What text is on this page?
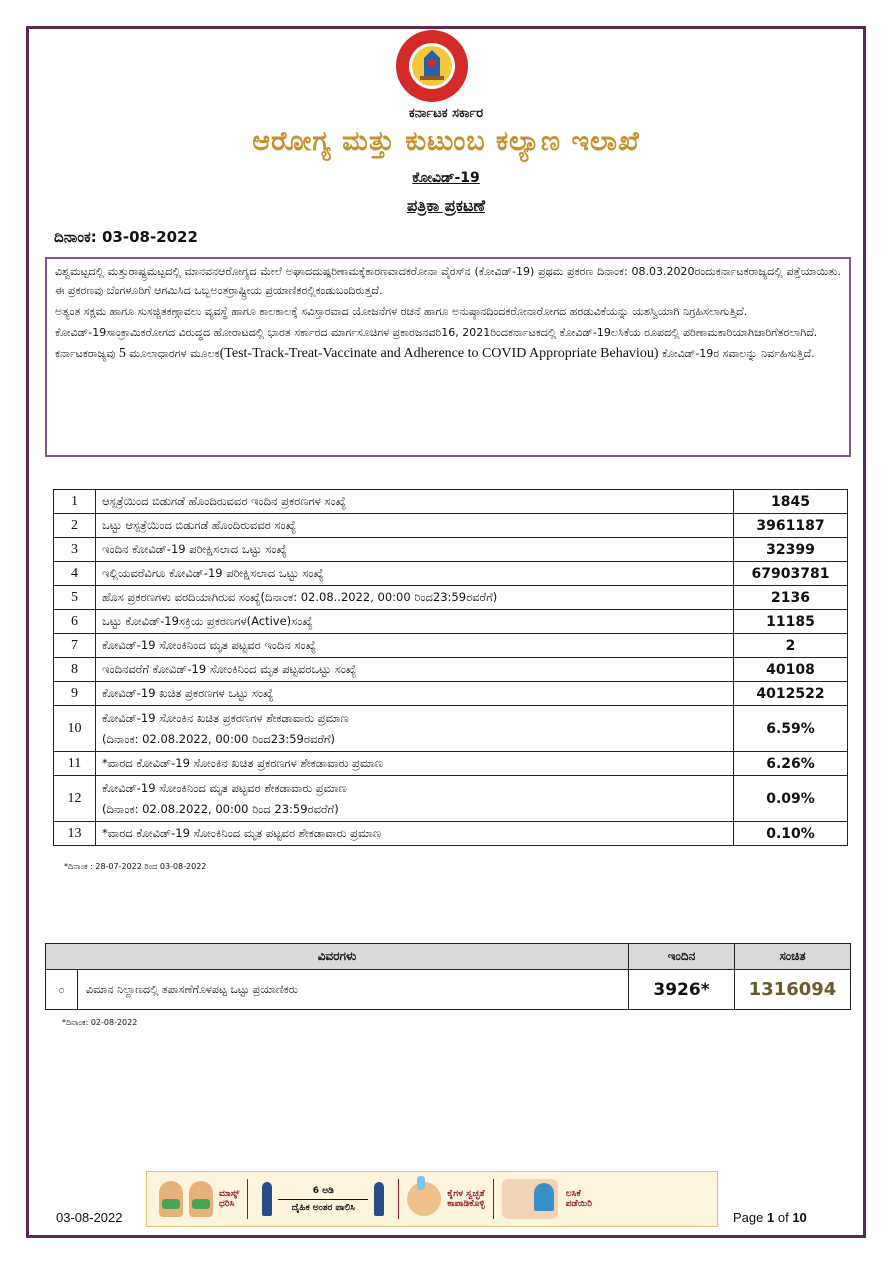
ಕರ್ನಾಟಕ ಸರ್ಕಾರ
ಆರೋಗ್ಯ ಮತ್ತು ಕುಟುಂಬ ಕಲ್ಯಾಣ ಇಲಾಖೆ
ಕೋವಿಡ್-19
ಪತ್ರಿಕಾ ಪ್ರಕಟಣೆ
ದಿನಾಂಕ: 03-08-2022

ವಿಶ್ವಮಟ್ಟದಲ್ಲಿ ಮತ್ತುರಾಷ್ಟ್ರಮಟ್ಟದಲ್ಲಿ ಮಾನವನಆರೋಗ್ಯದ ಮೇಲೆ ಅಘಾದದುಷ್ಪರಿಣಾಮಕ್ಕೆಕಾರಣವಾದಕರೋನಾ ವೈರಸ್‍ನ (ಕೋವಿಡ್-19) ಪ್ರಥಮ ಪ್ರಕರಣ ದಿನಾಂಕ: 08.03.2020ರಂದುಕರ್ನಾಟಕರಾಜ್ಯದಲ್ಲಿ ಪತ್ತೆಯಾಯಿತು. ಈ ಪ್ರಕರಣವು ಬೆಂಗಳೂರಿಗೆ ಆಗಮಿಸಿದ ಒಬ್ಬಅಂತರ್‍ರಾಷ್ಟ್ರೀಯ ಪ್ರಯಾಣಿಕರಲ್ಲಿಕಂಡುಬಂದಿರುತ್ತದೆ.

ಅತ್ಯಂತ ಸಕ್ಷಮ ಹಾಗೂ ಸುಸಜ್ಜಿತಕಣ್ಗಾವಲು ವ್ಯವಸ್ಥೆ ಹಾಗೂ ಕಾಲಕಾಲಕ್ಕೆ ಸವಿಸ್ತಾರವಾದ ಯೋಜನೆಗಳ ರಚನೆ ಹಾಗೂ ಅನುಷ್ಠಾನದಿಂದಕರೋನಾರೋಗದ ಹರಡುವಿಕೆಯನ್ನು ಯಶಸ್ವಿಯಾಗಿ ನಿಗ್ರಹಿಸಲಾಗುತ್ತಿದೆ.

ಕೋವಿಡ್-19ಸಾಂಕ್ರಾಮಿಕರೋಗದ ವಿರುದ್ಧದ ಹೋರಾಟದಲ್ಲಿ ಭಾರತ ಸರ್ಕಾರದ ಮಾರ್ಗಸೂಚಿಗಳ ಪ್ರಕಾರಜನವರಿ16, 2021ರಿಂದಕರ್ನಾಟಕದಲ್ಲಿ ಕೋವಿಡ್-19ಲಸಿಕೆಯ ರೂಪದಲ್ಲಿ ಪರಿಣಾಮಕಾರಿಯಾಗಿಜಾರಿಗೆತರಲಾಗಿದೆ.

ಕರ್ನಾಟಕರಾಜ್ಯವು 5 ಮೂಲಾಧಾರಗಳ ಮೂಲಕ(Test-Track-Treat-Vaccinate and Adherence to COVID Appropriate Behaviou) ಕೋವಿಡ್-19ರ ಸವಾಲನ್ನು ನಿರ್ವಹಿಸುತ್ತಿದೆ.

1	ಆಸ್ಪತ್ರೆಯಿಂದ ಬಿಡುಗಡೆ ಹೊಂದಿರುವವರ ಇಂದಿನ ಪ್ರಕರಣಗಳ ಸಂಖ್ಯೆ	1845
2	ಒಟ್ಟು ಆಸ್ಪತ್ರೆಯಿಂದ ಬಿಡುಗಡೆ ಹೊಂದಿರುವವರ ಸಂಖ್ಯೆ	3961187
3	ಇಂದಿನ ಕೋವಿಡ್-19 ಪರೀಕ್ಷಿಸಲಾದ ಒಟ್ಟು ಸಂಖ್ಯೆ	32399
4	ಇಲ್ಲಿಯವರೆವಿಗೂ ಕೋವಿಡ್-19 ಪರೀಕ್ಷಿಸಲಾದ ಒಟ್ಟು ಸಂಖ್ಯೆ	67903781
5	ಹೊಸ ಪ್ರಕರಣಗಳು ವರದಿಯಾಗಿರುವ ಸಂಖ್ಯೆ(ದಿನಾಂಕ: 02.08..2022, 00:00 ರಿಂದ23:59ರವರೆಗೆ)	2136
6	ಒಟ್ಟು ಕೋವಿಡ್-19ಸಕ್ರಿಯ ಪ್ರಕರಣಗಳ(Active)ಸಂಖ್ಯೆ	11185
7	ಕೋವಿಡ್-19 ಸೋಂಕಿನಿಂದ ಮೃತ ಪಟ್ಟವರ ಇಂದಿನ ಸಂಖ್ಯೆ	2
8	ಇಂದಿನವರೆಗೆ ಕೋವಿಡ್-19 ಸೋಂಕಿನಿಂದ ಮೃತ ಪಟ್ಟವರಒಟ್ಟು ಸಂಖ್ಯೆ	40108
9	ಕೋವಿಡ್-19 ಖಚಿತ ಪ್ರಕರಣಗಳ ಒಟ್ಟು ಸಂಖ್ಯೆ	4012522
10	ಕೋವಿಡ್-19 ಸೋಂಕಿನ ಖಚಿತ ಪ್ರಕರಣಗಳ ಶೇಕಡಾವಾರು ಪ್ರಮಾಣ
(ದಿನಾಂಕ: 02.08.2022, 00:00 ರಿಂದ23:59ರವರೆಗೆ)	6.59%
11	*ವಾರದ ಕೋವಿಡ್-19 ಸೋಂಕಿನ ಖಚಿತ ಪ್ರಕರಣಗಳ ಶೇಕಡಾವಾರು ಪ್ರಮಾಣ	6.26%
12	ಕೋವಿಡ್-19 ಸೋಂಕಿನಿಂದ ಮೃತ ಪಟ್ಟವರ ಶೇಕಡಾವಾರು ಪ್ರಮಾಣ
(ದಿನಾಂಕ: 02.08.2022, 00:00 ರಿಂದ 23:59ರವರೆಗೆ)	0.09%
13	*ವಾರದ ಕೋವಿಡ್-19 ಸೋಂಕಿನಿಂದ ಮೃತ ಪಟ್ಟವರ ಶೇಕಡಾವಾರು ಪ್ರಮಾಣ	0.10%
*ದಿನಾಂಕ : 28-07-2022 ರಿಂದ 03-08-2022
ವಿವರಗಳು		ಇಂದಿನ	ಸಂಚಿತ
೦	ವಿಮಾನ ನಿಲ್ದಾಣದಲ್ಲಿ ತಪಾಸಣೆಗೊಳಪಟ್ಟ ಒಟ್ಟು ಪ್ರಯಾಣಿಕರು	3926*	1316094
*ದಿನಾಂಕ: 02-08-2022
ಮಾಸ್ಕ್
ಧರಿಸಿ
6 ಅಡಿ
ದೈಹಿಕ ಅಂತರ ಪಾಲಿಸಿ
ಕೈಗಳ ಸ್ವಚ್ಛತೆ
ಕಾಪಾಡಿಕೊಳ್ಳಿ
ಲಸಿಕೆ
ಪಡೆಯಿರಿ
03-08-2022	Page 1 of 10
